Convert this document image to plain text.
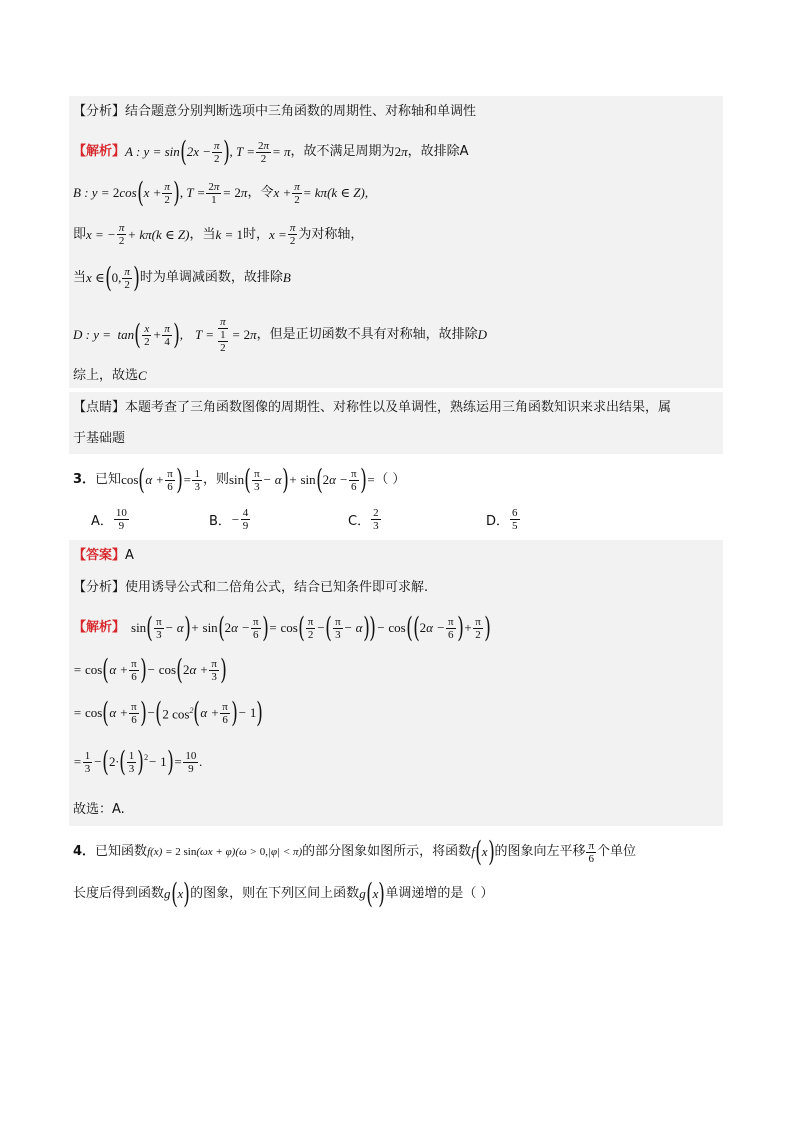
【分析】 结合题意分别判断选项中三角函数的周期性、对称轴和单调性
【解析】 A : y = sin ( $2x - \frac{\pi}{2}$ ) , $T = \frac{2\pi}{2} = \pi$ ，故不满足周期为 2π ，故排除A
B : y = 2cos ( $x + \frac{\pi}{2}$ ) , $T = \frac{2\pi}{1} = 2\pi$ ，令 $x + \frac{\pi}{2} = k\pi(k$ ∈ Z),
即 x = − $\frac{\pi}{2} + k\pi(k$ ∈ Z) ，当 k = 1 时， $x = \frac{\pi}{2}$ 为对称轴，
当 x ∈ ( 0, $\frac{\pi}{2}$ ) 时为单调减函数，故排除 B
D : y =  tan ( $\frac{x}{2} + \frac{\pi}{4}$ ) , $T = \frac{\pi}{\frac{1}{2}} = 2\pi$ ，但是正切函数不具有对称轴，故排除 D
综上，故选 C
【点睛】 本题考查了三角函数图像的周期性、对称性以及单调性，熟练运用三角函数知识来求出结果，属
于基础题
3． 已知 cos ( $\alpha + \frac{\pi}{6}$ ) = $\frac{1}{3}$ ，则 sin ( $\frac{\pi}{3} - \alpha$ ) + sin ( $2\alpha - \frac{\pi}{6}$ ) = （ ）
A． $\frac{10}{9}$	B． − $\frac{4}{9}$	C． $\frac{2}{3}$	D． $\frac{6}{5}$
【答案】 A
【分析】 使用诱导公式和二倍角公式，结合已知条件即可求解.
【解析】 sin ( $\frac{\pi}{3} - \alpha$ ) + sin ( $2\alpha - \frac{\pi}{6}$ ) = cos ( $\frac{\pi}{2}$ − ( $\frac{\pi}{3} - \alpha$ ) ) − cos ( ( $2\alpha - \frac{\pi}{6}$ ) + $\frac{\pi}{2}$ )
= cos ( $\alpha + \frac{\pi}{6}$ ) − cos ( $2\alpha + \frac{\pi}{3}$ )
= cos ( $\alpha + \frac{\pi}{6}$ ) − ( 2 $\cos^2$ ( $\alpha + \frac{\pi}{6}$ ) − 1 )
= $\frac{1}{3}$ − ( 2· ( $\frac{1}{3} )^2 - 1$ ) = $\frac{10}{9}$ .
故选：A.
4． 已知函数 f(x) = 2 sin(ωx + φ)(ω > 0,|φ| < π) 的部分图象如图所示，将函数 f ( x ) 的图象向左平移 $\frac{\pi}{6}$ 个单位
长度后得到函数 g ( x ) 的图象，则在下列区间上函数 g ( x ) 单调递增的是（ ）
